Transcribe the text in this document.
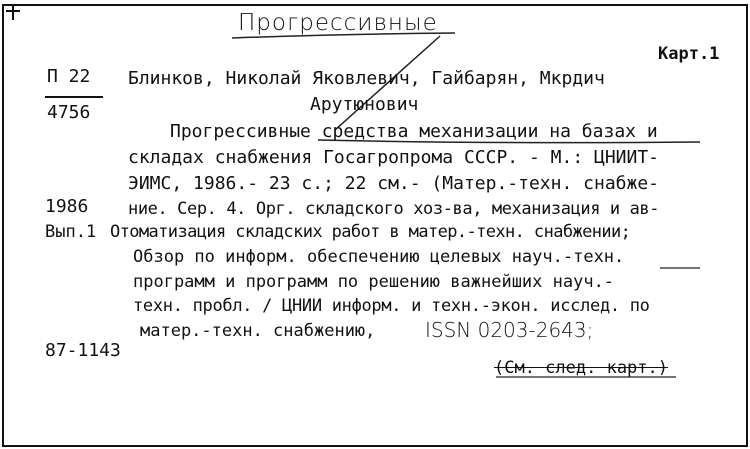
Прогрессивные
Карт.1
П 22
4756
Блинков, Николай Яковлевич, Гайбарян, Мкрдич
Арутюнович
Прогрессивные средства механизации на базах и
складах снабжения Госагропрома СССР. - М.: ЦНИИТ-
ЭИМС, 1986.- 23 с.; 22 см.- (Матер.-техн. снабже-
1986 ние. Сер. 4. Орг. складского хоз-ва, механизация и ав-
Вып.1 Отоматизация складских работ в матер.-техн. снабжении;
Обзор по информ. обеспечению целевых науч.-техн.
программ и программ по решению важнейших науч.-
техн. пробл. / ЦНИИ информ. и техн.-экон. исслед. по
матер.-техн. снабжению, ISSN 0203-2643;
87-1143
(См. след. карт.)
